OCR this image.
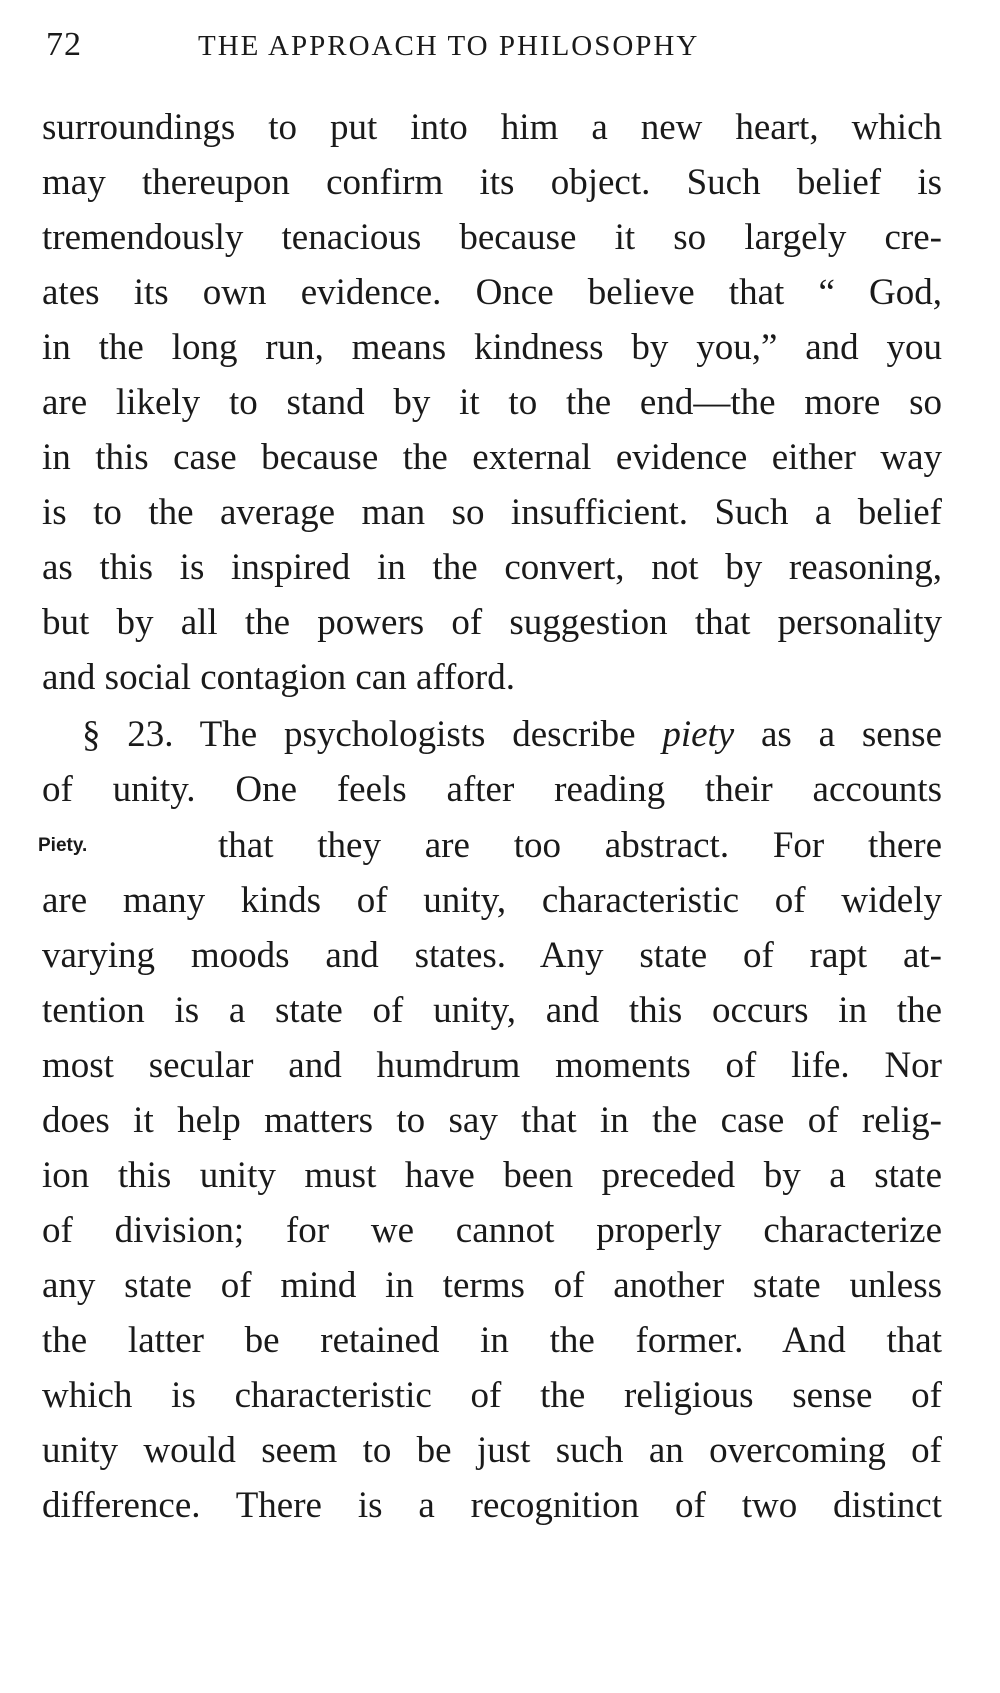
72	THE APPROACH TO PHILOSOPHY
surroundings to put into him a new heart, which
may thereupon confirm its object. Such belief is
tremendously tenacious because it so largely cre-
ates its own evidence. Once believe that “ God,
in the long run, means kindness by you,” and you
are likely to stand by it to the end—the more so
in this case because the external evidence either way
is to the average man so insufficient. Such a belief
as this is inspired in the convert, not by reasoning,
but by all the powers of suggestion that personality
and social contagion can afford.
§ 23. The psychologists describe piety as a sense
of unity. One feels after reading their accounts
Piety.	that they are too abstract. For there
are many kinds of unity, characteristic of widely
varying moods and states. Any state of rapt at-
tention is a state of unity, and this occurs in the
most secular and humdrum moments of life. Nor
does it help matters to say that in the case of relig-
ion this unity must have been preceded by a state
of division; for we cannot properly characterize
any state of mind in terms of another state unless
the latter be retained in the former. And that
which is characteristic of the religious sense of
unity would seem to be just such an overcoming of
difference. There is a recognition of two distinct
